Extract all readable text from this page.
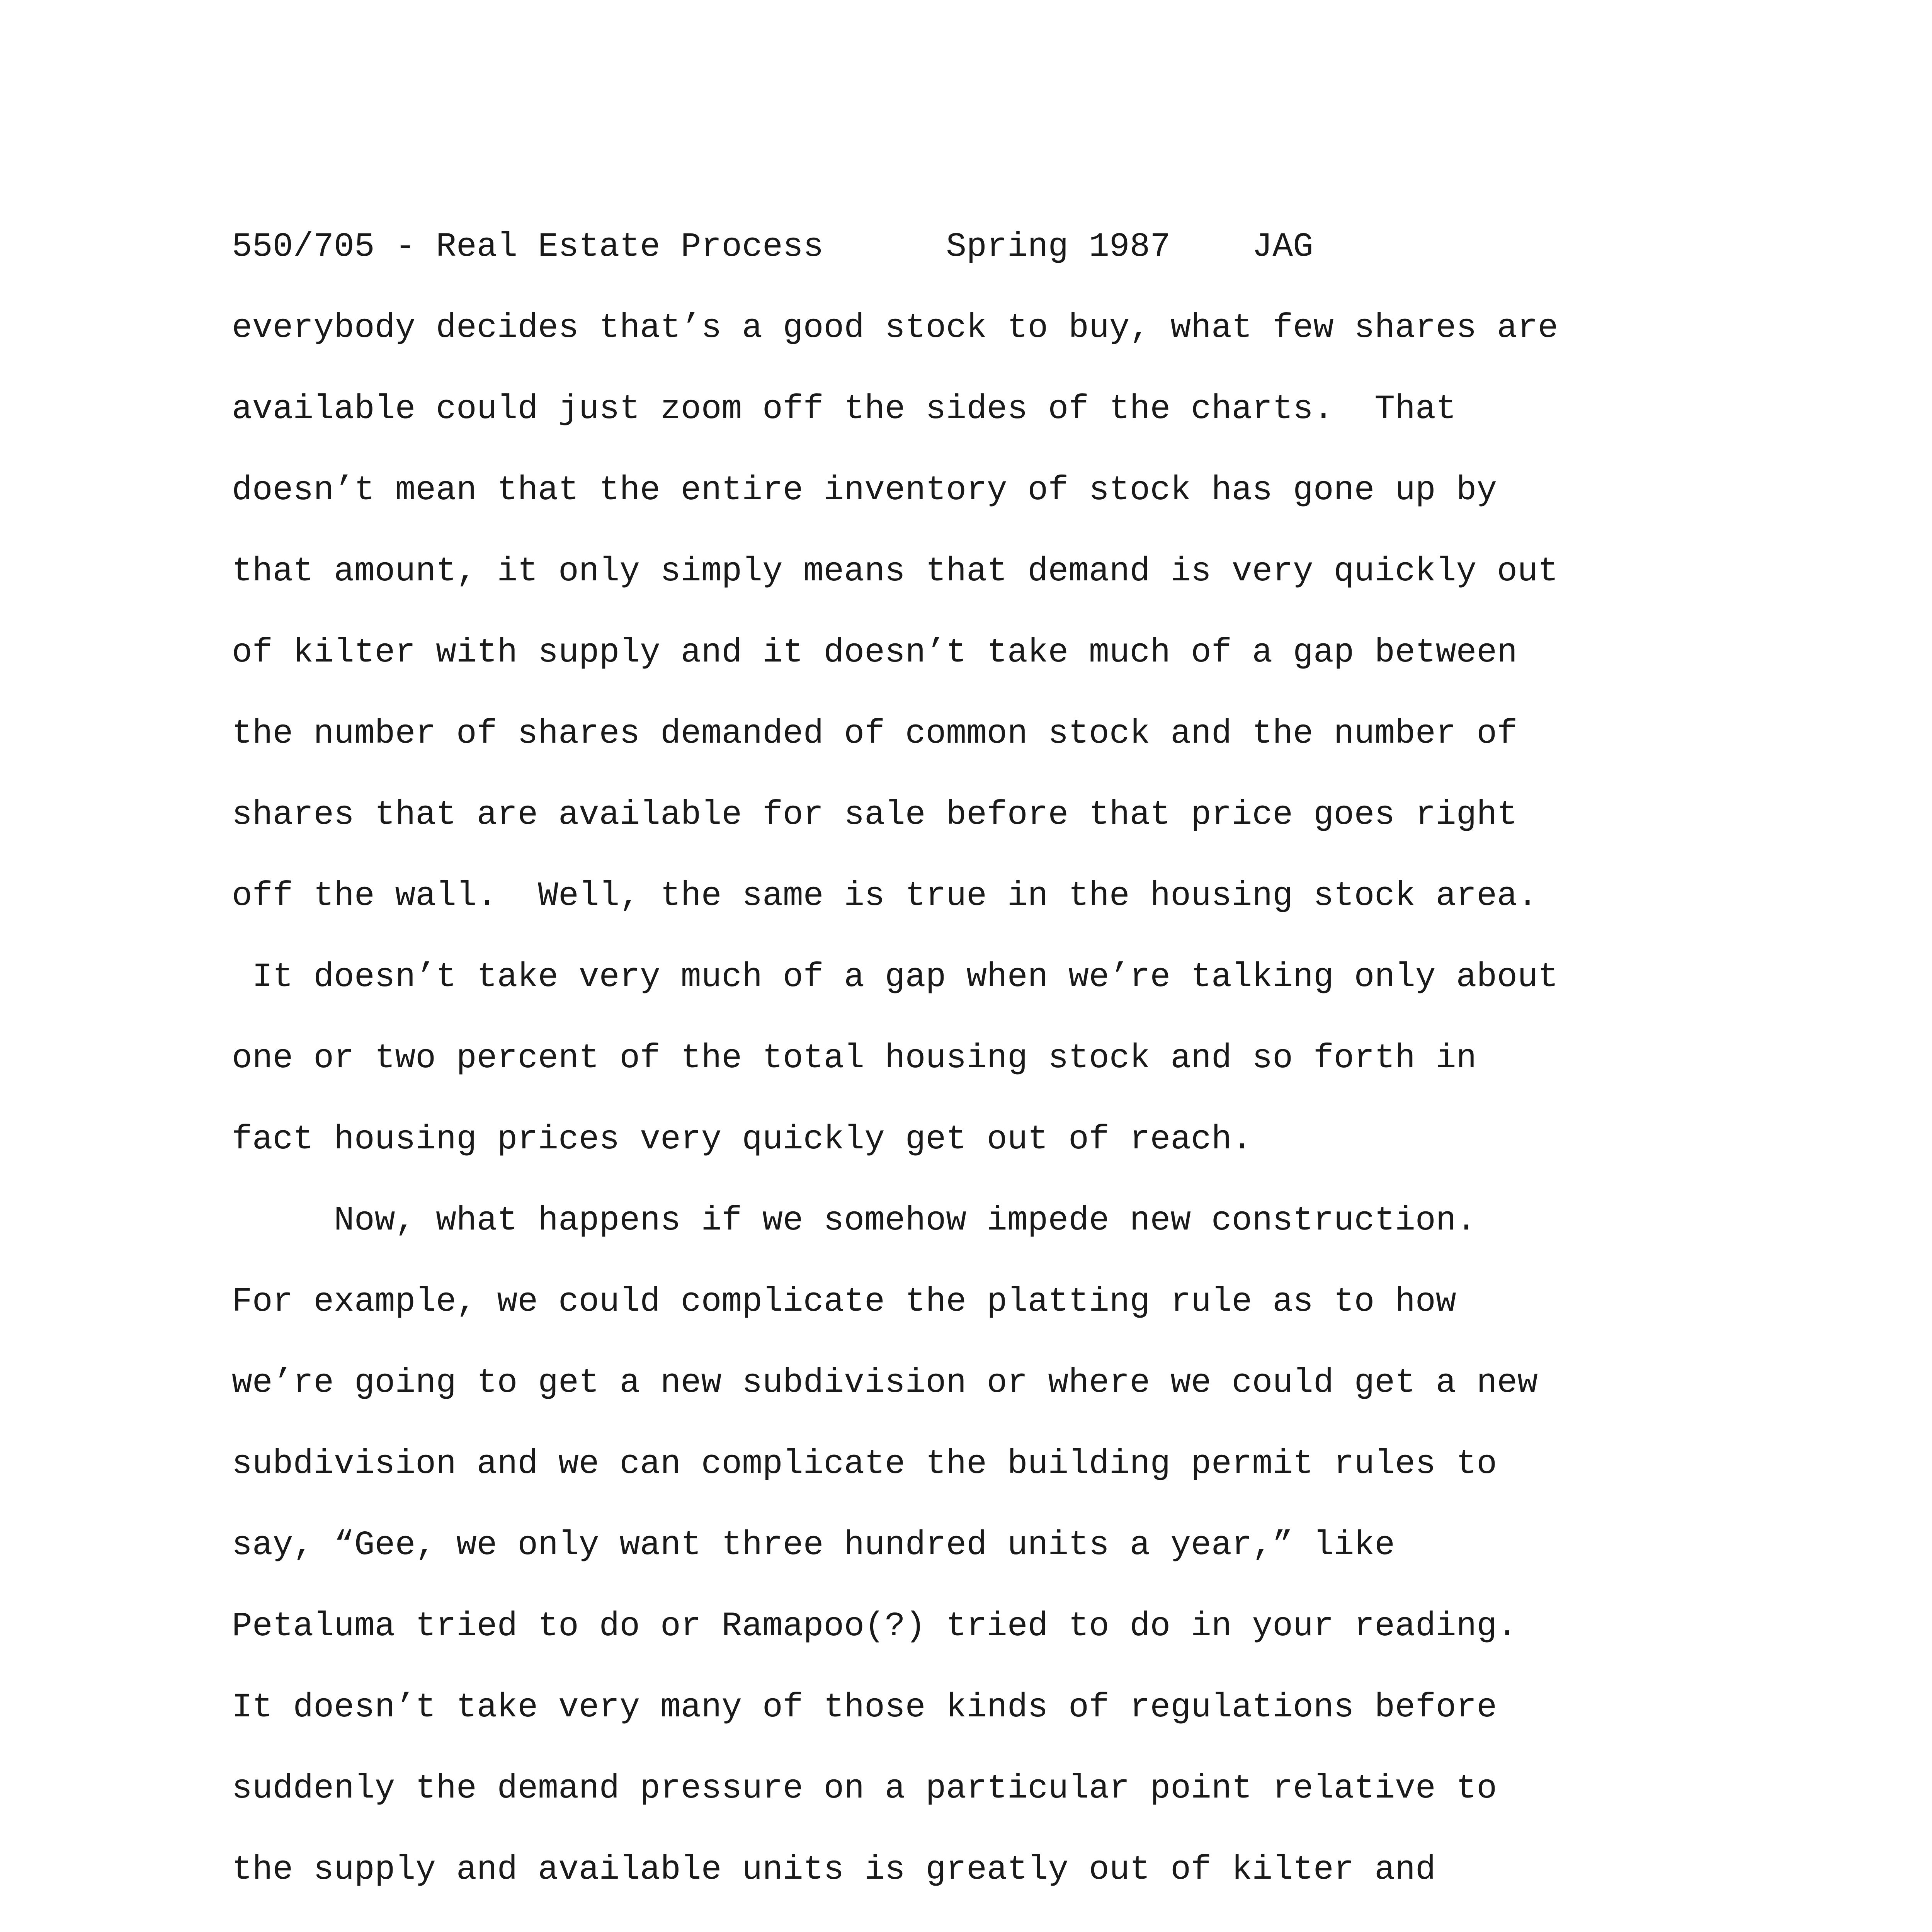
550/705 - Real Estate Process      Spring 1987    JAG
everybody decides that’s a good stock to buy, what few shares are
available could just zoom off the sides of the charts.  That
doesn’t mean that the entire inventory of stock has gone up by
that amount, it only simply means that demand is very quickly out
of kilter with supply and it doesn’t take much of a gap between
the number of shares demanded of common stock and the number of
shares that are available for sale before that price goes right
off the wall.  Well, the same is true in the housing stock area.
It doesn’t take very much of a gap when we’re talking only about
one or two percent of the total housing stock and so forth in
fact housing prices very quickly get out of reach.
Now, what happens if we somehow impede new construction.
For example, we could complicate the platting rule as to how
we’re going to get a new subdivision or where we could get a new
subdivision and we can complicate the building permit rules to
say, “Gee, we only want three hundred units a year,” like
Petaluma tried to do or Ramapoo(?) tried to do in your reading.
It doesn’t take very many of those kinds of regulations before
suddenly the demand pressure on a particular point relative to
the supply and available units is greatly out of kilter and
